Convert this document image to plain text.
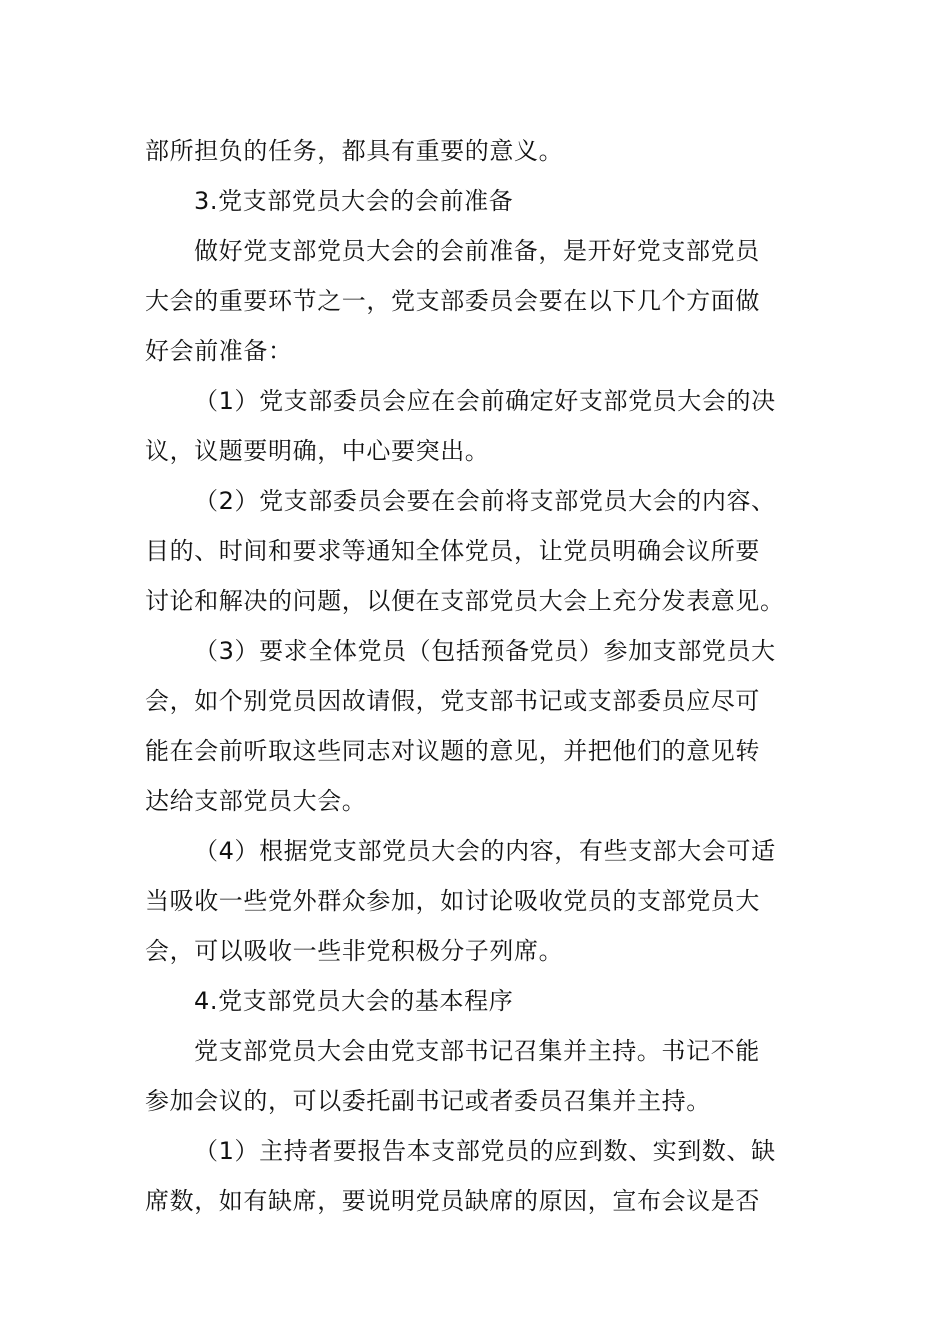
部所担负的任务，都具有重要的意义。
3.党支部党员大会的会前准备
做好党支部党员大会的会前准备，是开好党支部党员
大会的重要环节之一，党支部委员会要在以下几个方面做
好会前准备：
（1）党支部委员会应在会前确定好支部党员大会的决
议，议题要明确，中心要突出。
（2）党支部委员会要在会前将支部党员大会的内容、
目的、时间和要求等通知全体党员，让党员明确会议所要
讨论和解决的问题，以便在支部党员大会上充分发表意见。
（3）要求全体党员（包括预备党员）参加支部党员大
会，如个别党员因故请假，党支部书记或支部委员应尽可
能在会前听取这些同志对议题的意见，并把他们的意见转
达给支部党员大会。
（4）根据党支部党员大会的内容，有些支部大会可适
当吸收一些党外群众参加，如讨论吸收党员的支部党员大
会，可以吸收一些非党积极分子列席。
4.党支部党员大会的基本程序
党支部党员大会由党支部书记召集并主持。书记不能
参加会议的，可以委托副书记或者委员召集并主持。
（1）主持者要报告本支部党员的应到数、实到数、缺
席数，如有缺席，要说明党员缺席的原因，宣布会议是否
